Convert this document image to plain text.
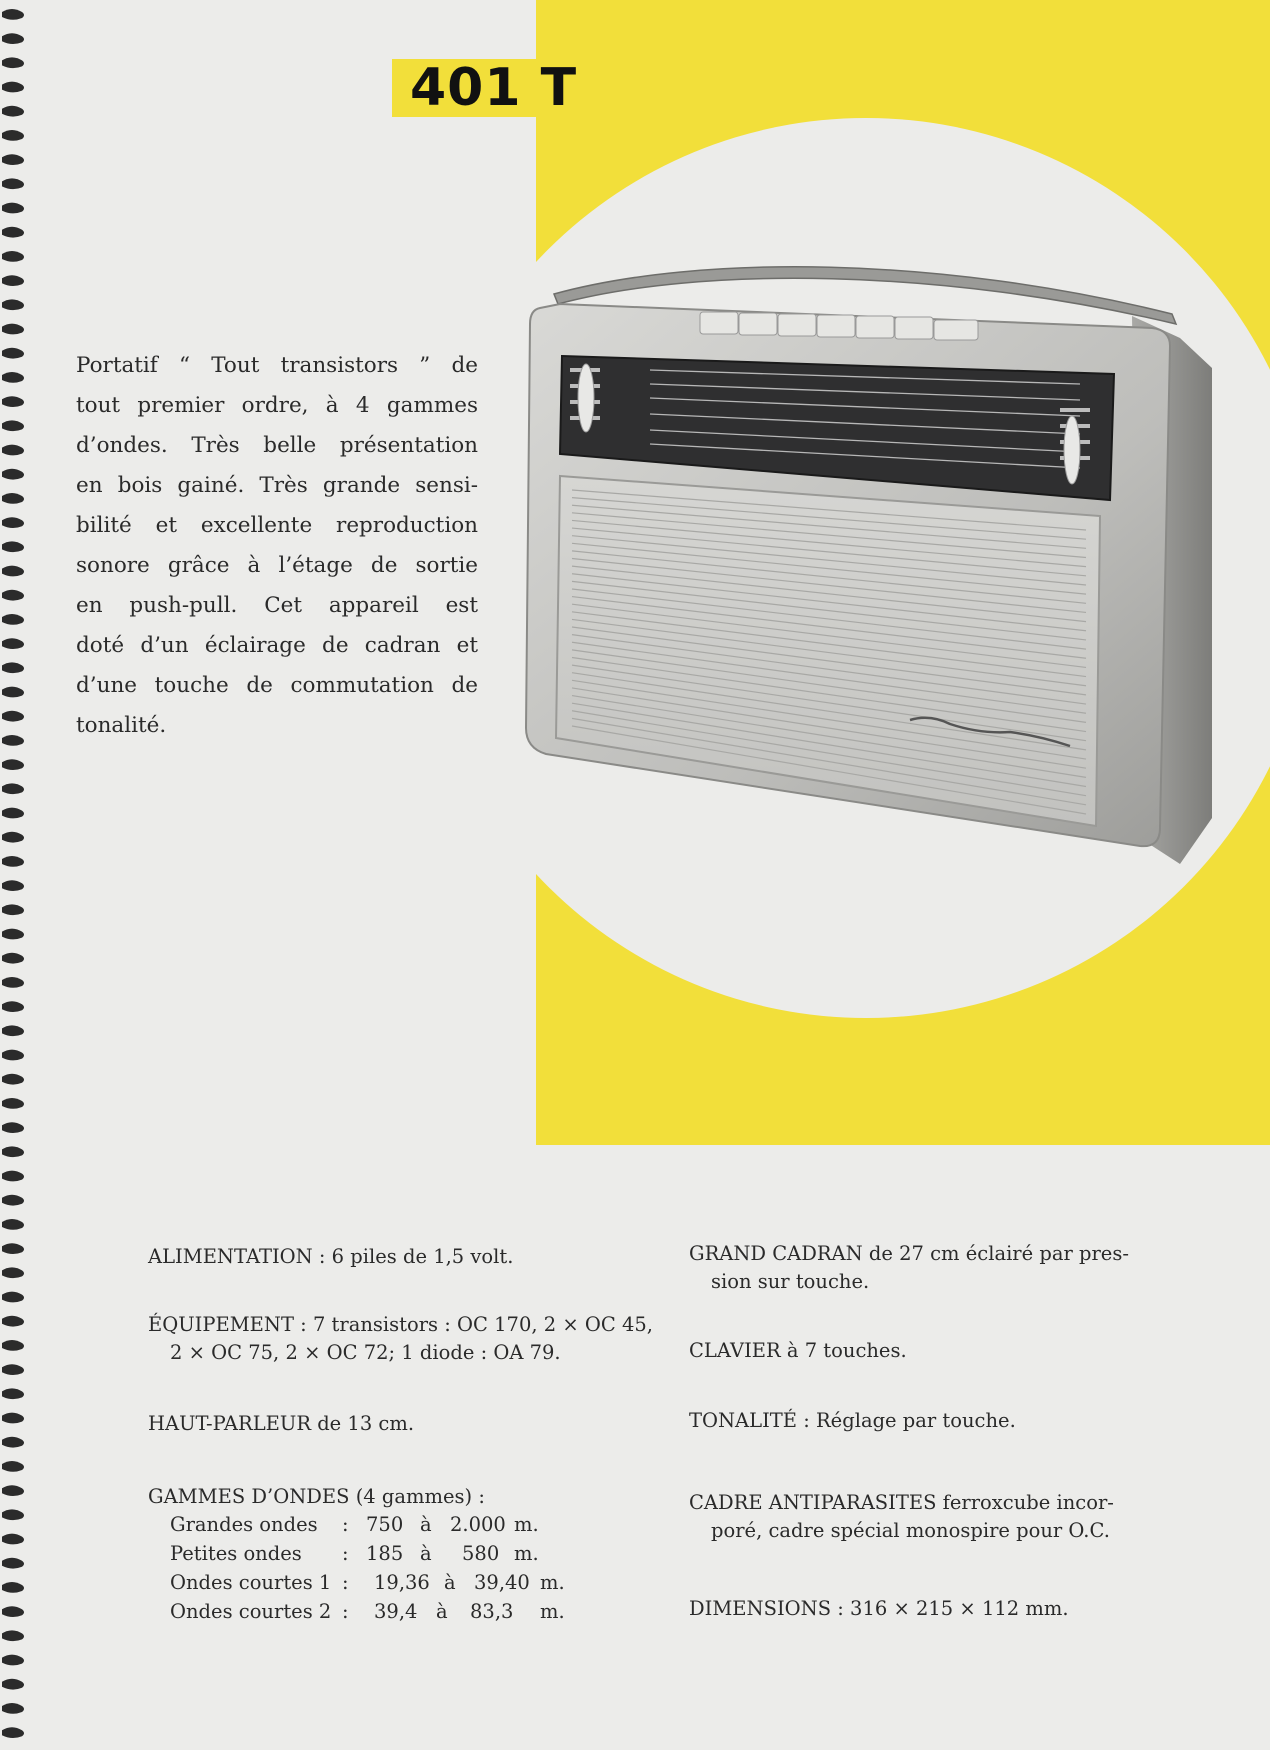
401 T
Portatif “ Tout transistors ” de
tout premier ordre, à 4 gammes
d’ondes. Très belle présentation
en bois gainé. Très grande sensi-
bilité et excellente reproduction
sonore grâce à l’étage de sortie
en push-pull. Cet appareil est
doté d’un éclairage de cadran et
d’une touche de commutation de
tonalité.
ALIMENTATION : 6 piles de 1,5 volt.
ÉQUIPEMENT : 7 transistors : OC 170, 2 × OC 45,
2 × OC 75, 2 × OC 72; 1 diode : OA 79.
HAUT-PARLEUR de 13 cm.
GAMMES D’ONDES (4 gammes) :
Grandes ondes : 750 à 2.000 m.
Petites ondes : 185 à 580 m.
Ondes courtes 1 : 19,36 à 39,40 m.
Ondes courtes 2 : 39,4 à 83,3 m.
GRAND CADRAN de 27 cm éclairé par pres-
sion sur touche.
CLAVIER à 7 touches.
TONALITÉ : Réglage par touche.
CADRE ANTIPARASITES ferroxcube incor-
poré, cadre spécial monospire pour O.C.
DIMENSIONS : 316 × 215 × 112 mm.
